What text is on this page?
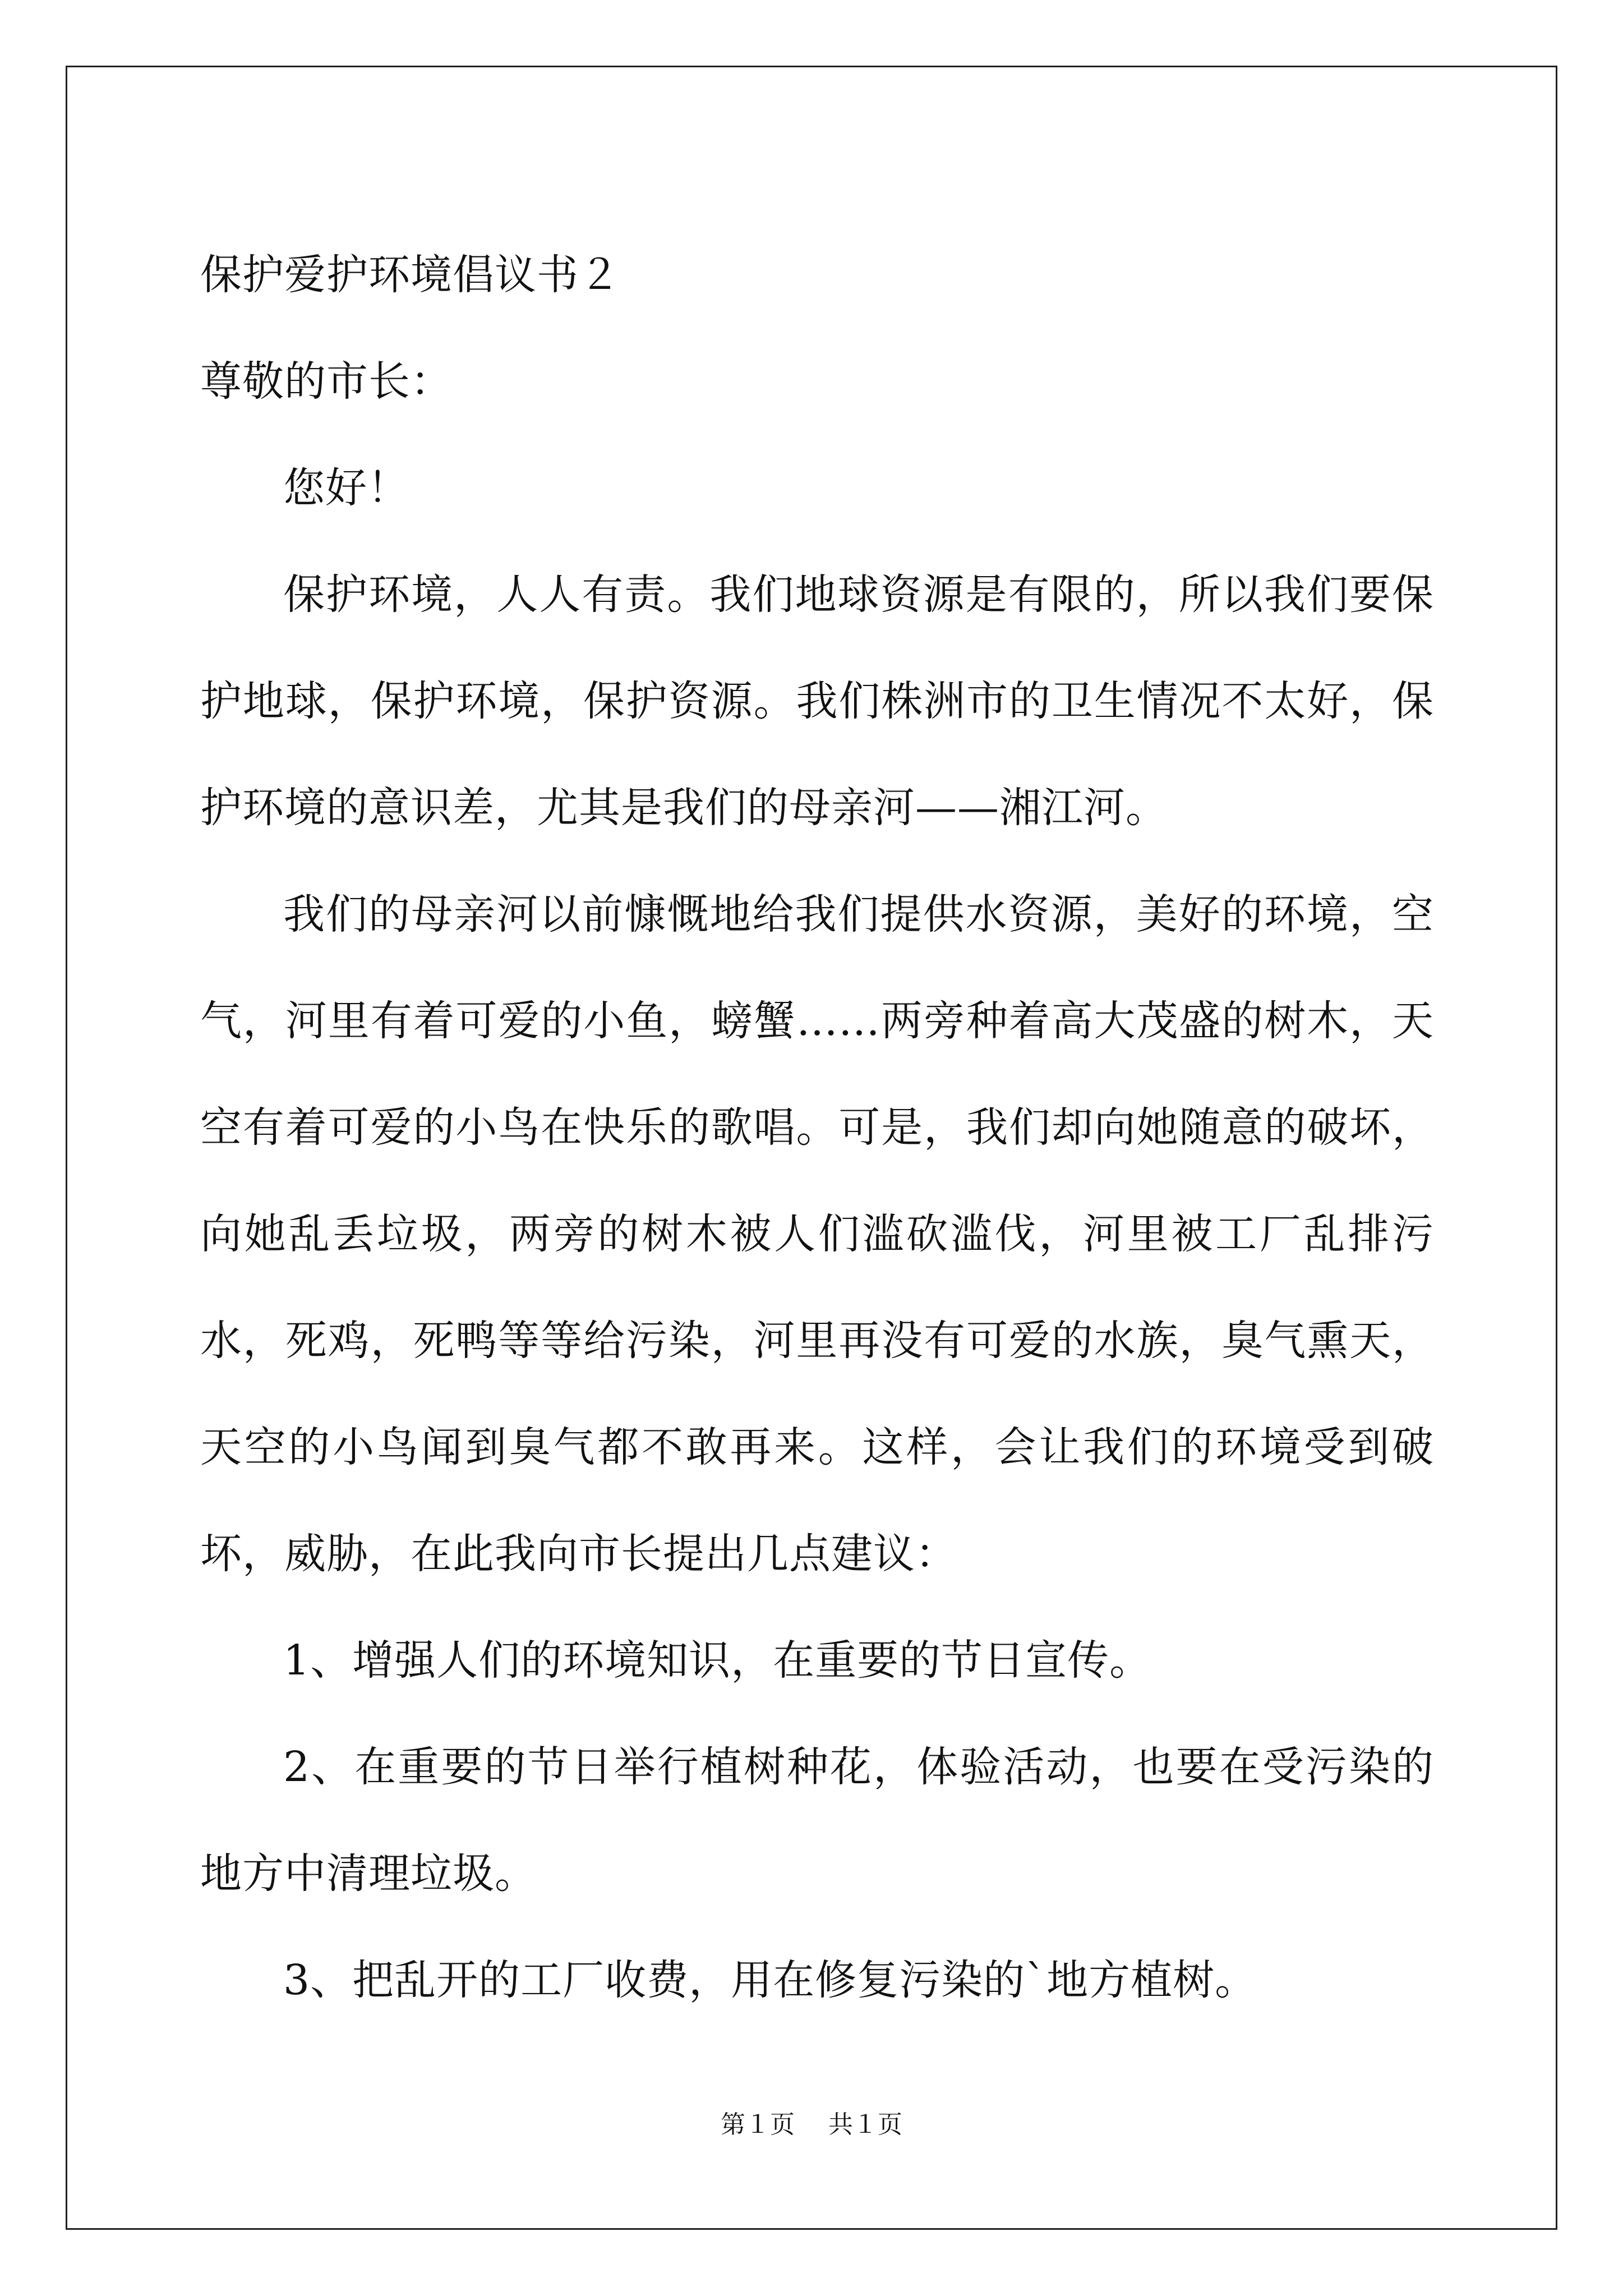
保护爱护环境倡议书２

尊敬的市长：

您好！

保护环境，人人有责。我们地球资源是有限的，所以我们要保护地球，保护环境，保护资源。我们株洲市的卫生情况不太好，保护环境的意识差，尤其是我们的母亲河——湘江河。

我们的母亲河以前慷慨地给我们提供水资源，美好的环境，空气，河里有着可爱的小鱼，螃蟹……两旁种着高大茂盛的树木，天空有着可爱的小鸟在快乐的歌唱。可是，我们却向她随意的破坏，向她乱丢垃圾，两旁的树木被人们滥砍滥伐，河里被工厂乱排污水，死鸡，死鸭等等给污染，河里再没有可爱的水族，臭气熏天，天空的小鸟闻到臭气都不敢再来。这样，会让我们的环境受到破坏，威胁，在此我向市长提出几点建议：

1、增强人们的环境知识，在重要的节日宣传。

2、在重要的节日举行植树种花，体验活动，也要在受污染的地方中清理垃圾。

3、把乱开的工厂收费，用在修复污染的`地方植树。

第１页 共１页
